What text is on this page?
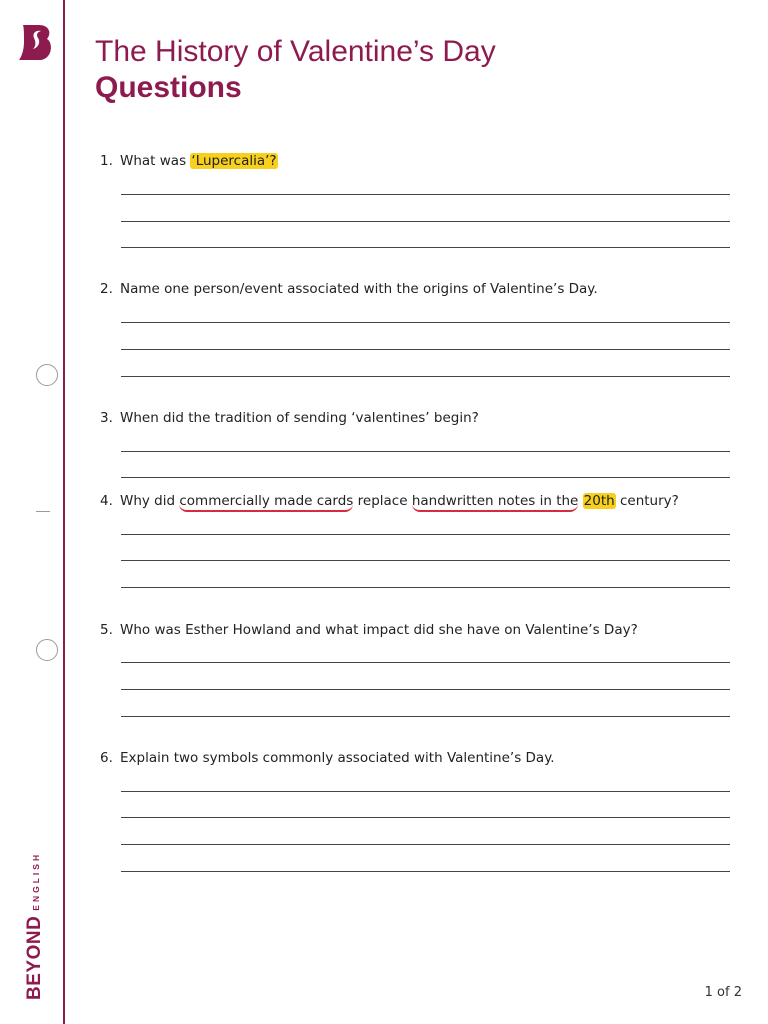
BEYONDENGLISH
The History of Valentine’s Day
Questions
1. What was ‘Lupercalia’?
2. Name one person/event associated with the origins of Valentine’s Day.
3. When did the tradition of sending ‘valentines’ begin?
4. Why did commercially made cards replace handwritten notes in the 20th century?
5. Who was Esther Howland and what impact did she have on Valentine’s Day?
6. Explain two symbols commonly associated with Valentine’s Day.
1 of 2
